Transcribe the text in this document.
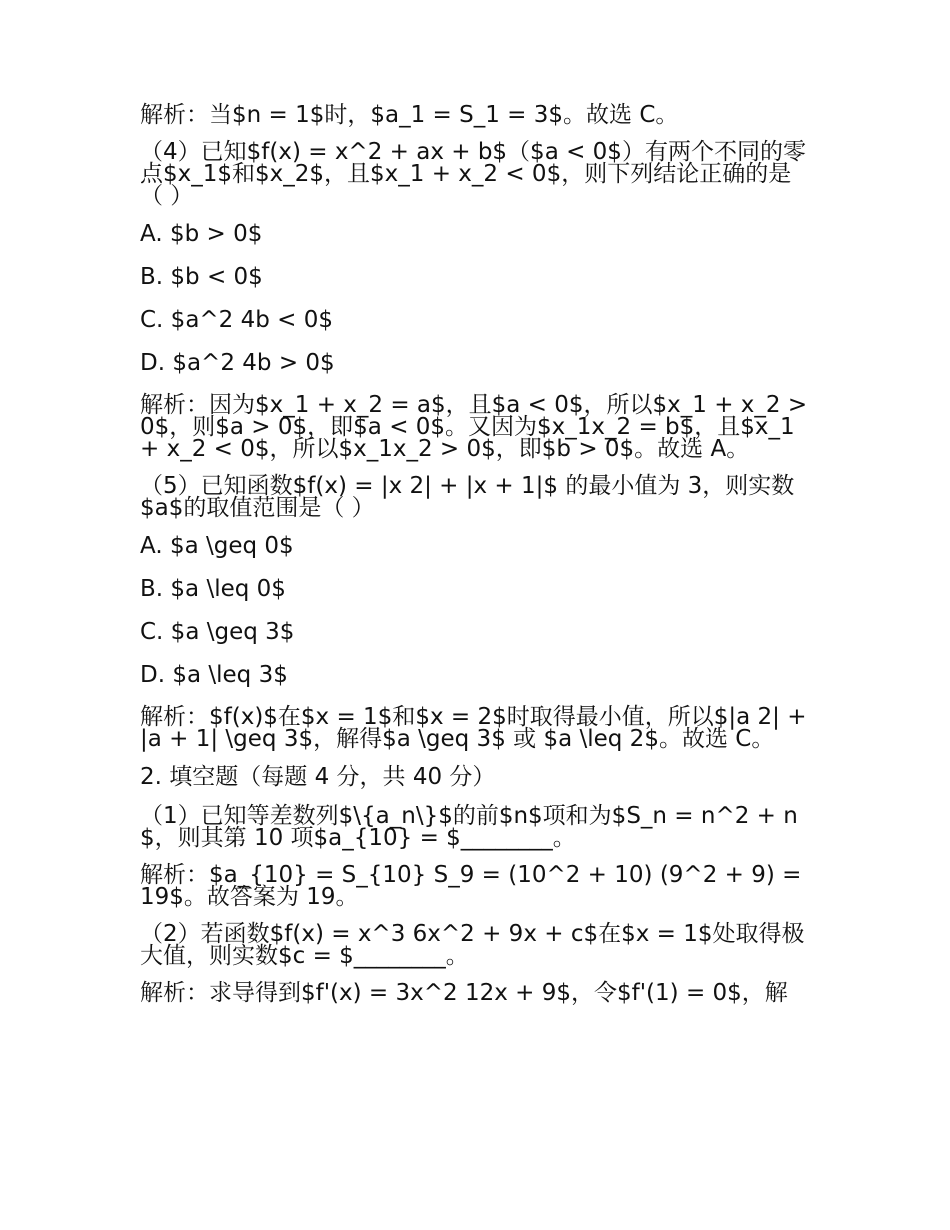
解析：当$n = 1$时，$a_1 = S_1 = 3$。故选 C。

（4）已知$f(x) = x^2 + ax + b$（$a < 0$）有两个不同的零点$x_1$和$x_2$，且$x_1 + x_2 < 0$，则下列结论正确的是（ ）

A. $b > 0$

B. $b < 0$

C. $a^2 4b < 0$

D. $a^2 4b > 0$

解析：因为$x_1 + x_2 = a$，且$a < 0$，所以$x_1 + x_2 > 0$，则$a > 0$，即$a < 0$。又因为$x_1x_2 = b$，且$x_1 + x_2 < 0$，所以$x_1x_2 > 0$，即$b > 0$。故选 A。

（5）已知函数$f(x) = |x 2| + |x + 1|$ 的最小值为 3，则实数$a$的取值范围是（ ）

A. $a \geq 0$

B. $a \leq 0$

C. $a \geq 3$

D. $a \leq 3$

解析：$f(x)$在$x = 1$和$x = 2$时取得最小值，所以$|a 2| + |a + 1| \geq 3$，解得$a \geq 3$ 或 $a \leq 2$。故选 C。

2. 填空题（每题 4 分，共 40 分）

（1）已知等差数列$\{a_n\}$的前$n$项和为$S_n = n^2 + n$，则其第 10 项$a_{10} = $________。

解析：$a_{10} = S_{10} S_9 = (10^2 + 10) (9^2 + 9) = 19$。故答案为 19。

（2）若函数$f(x) = x^3 6x^2 + 9x + c$在$x = 1$处取得极大值，则实数$c = $________。

解析：求导得到$f'(x) = 3x^2 12x + 9$，令$f'(1) = 0$，解
